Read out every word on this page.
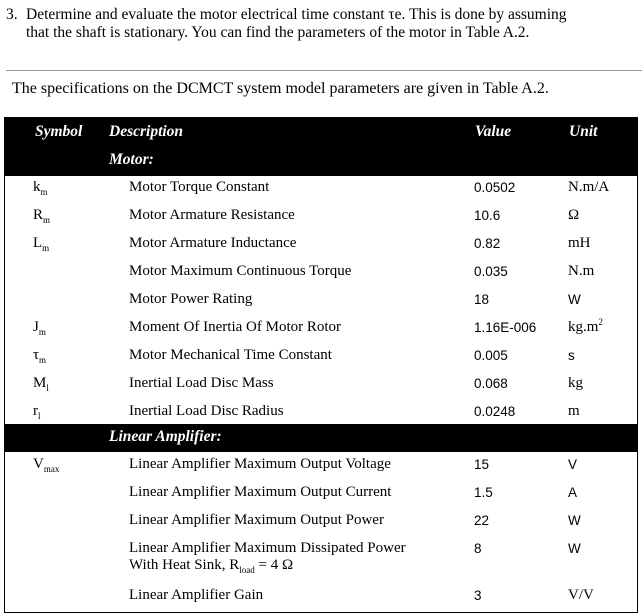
3. Determine and evaluate the motor electrical time constant τe. This is done by assuming
that the shaft is stationary. You can find the parameters of the motor in Table A.2.
The specifications on the DCMCT system model parameters are given in Table A.2.
Symbol Description	Value	Unit
Motor:
$k_m$	Motor Torque Constant	0.0502	N.m/A
$R_m$	Motor Armature Resistance	10.6	Ω
$L_m$	Motor Armature Inductance	0.82	mH
Motor Maximum Continuous Torque	0.035	N.m
Motor Power Rating	18	W
$J_m$	Moment Of Inertia Of Motor Rotor	1.16E-006 $kg.m^2$
$\tau_m$	Motor Mechanical Time Constant	0.005	s
$M_l$	Inertial Load Disc Mass	0.068	kg
$r_l$	Inertial Load Disc Radius	0.0248	m
Linear Amplifier:
$V_{max}$	Linear Amplifier Maximum Output Voltage	15	V
Linear Amplifier Maximum Output Current	1.5	A
Linear Amplifier Maximum Output Power	22	W
Linear Amplifier Maximum Dissipated Power
With Heat Sink, $R_{load} = 4$ Ω
8	W
Linear Amplifier Gain	3	V/V
